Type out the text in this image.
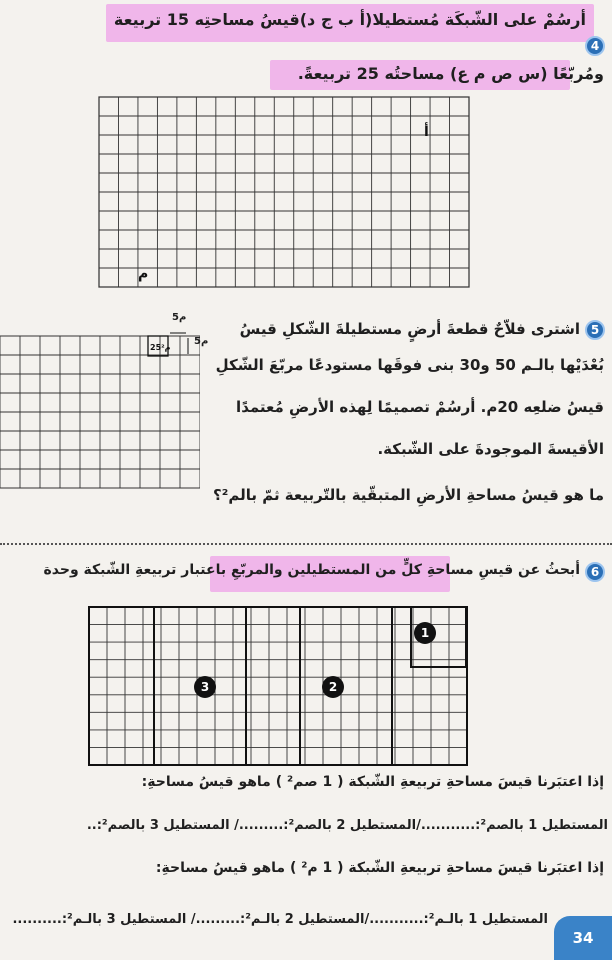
4
أرسُمْ على الشّبكَة مُستطيلا(أ ب ج د)قيسُ مساحتِه 15 تربيعة
ومُربّعًا (س ص م ع) مساحتُه 25 تربيعةً.
أ
م
25م²
5م
5م
5
اشترى فلاّحٌ قطعةَ أرضٍ مستطيلةَ الشّكلِ قيسُ
بُعْدَيْها بالـم 50 و30 بنى فوقَها مستودعًا مربّعَ الشّكلِ
قيسُ ضلعِه 20م. أرسُمْ تصميمًا لِهذه الأرضِ مُعتمدًا
الأقيسةَ الموجودةَ على الشّبكة.
ما هو قيسُ مساحةِ الأرضِ المتبقّية بالتّربيعة ثمّ بالم²؟
6
أبحثُ عن قيسِ مساحةِ كلٍّ من المستطيلين والمربّعِ باعتبار تربيعةِ الشّبكة وحدة
1
2
3
إذا اعتبَرنا قيسَ مساحةِ تربيعةِ الشّبكة ( 1 صم² ) ماهو قيسُ مساحةِ:
المستطيل 1 بالصم²:.........../المستطيل 2 بالصم²:........./ المستطيل 3 بالصم²:..
إذا اعتبَرنا قيسَ مساحةِ تربيعةِ الشّبكة ( 1 م² ) ماهو قيسُ مساحةِ:
المستطيل 1 بالـم²:.........../المستطيل 2 بالـم²:........./ المستطيل 3 بالـم²:..........
34
